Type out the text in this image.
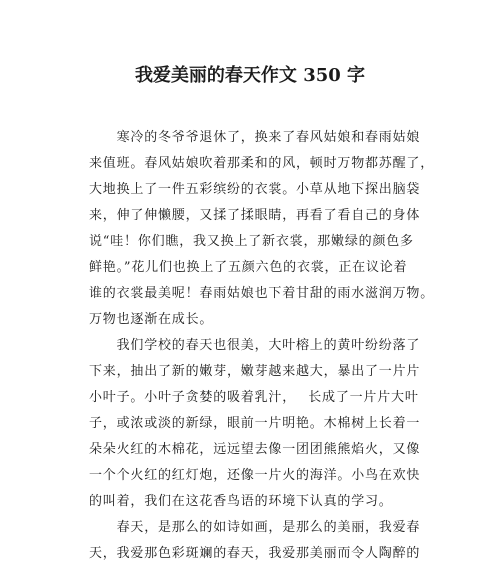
我爱美丽的春天作文 350 字
　　寒冷的冬爷爷退休了，换来了春风姑娘和春雨姑娘
来值班。春风姑娘吹着那柔和的风，顿时万物都苏醒了，
大地换上了一件五彩缤纷的衣裳。小草从地下探出脑袋
来，伸了伸懒腰，又揉了揉眼睛，再看了看自己的身体
说“哇！你们瞧，我又换上了新衣裳，那嫩绿的颜色多
鲜艳。”花儿们也换上了五颜六色的衣裳，正在议论着
谁的衣裳最美呢！春雨姑娘也下着甘甜的雨水滋润万物。
万物也逐渐在成长。
　　我们学校的春天也很美，大叶榕上的黄叶纷纷落了
下来，抽出了新的嫩芽，嫩芽越来越大，暴出了一片片
小叶子。小叶子贪婪的吸着乳汁，　 长成了一片片大叶
子，或浓或淡的新绿，眼前一片明艳。木棉树上长着一
朵朵火红的木棉花，远远望去像一团团熊熊焰火，又像
一个个火红的红灯炮，还像一片火的海洋。小鸟在欢快
的叫着，我们在这花香鸟语的环境下认真的学习。
　　春天，是那么的如诗如画，是那么的美丽，我爱春
天，我爱那色彩斑斓的春天，我爱那美丽而令人陶醉的
